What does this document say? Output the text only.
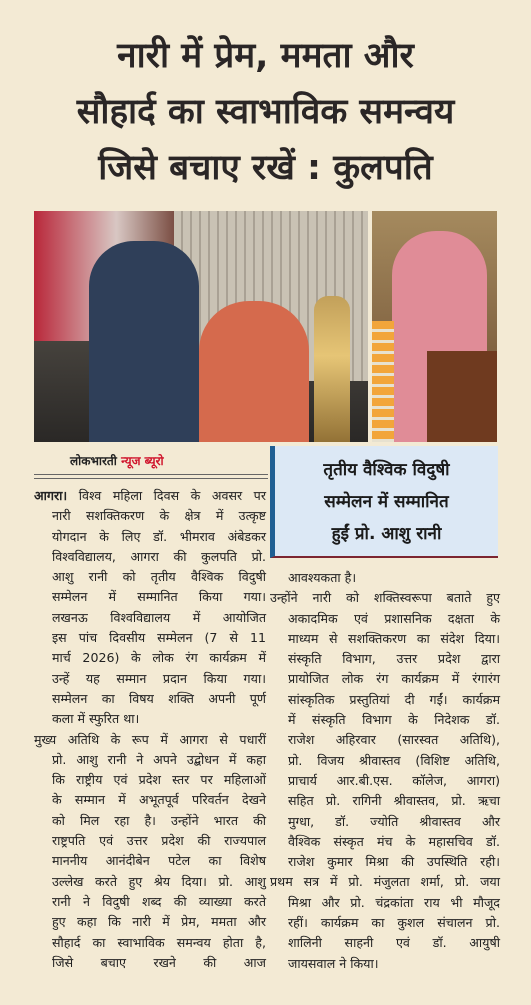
नारी में प्रेम, ममता और
सौहार्द का स्वाभाविक समन्वय
जिसे बचाए रखें : कुलपति
लोकभारती न्यूज ब्यूरो	तृतीय वैश्विक विदुषी
सम्मेलन में सम्मानित
हुईं प्रो. आशु रानी

आगरा। विश्व महिला दिवस के अवसर पर

नारी सशक्तिकरण के क्षेत्र में उत्कृष्ट

योगदान के लिए डॉ. भीमराव अंबेडकर

विश्वविद्यालय, आगरा की कुलपति प्रो.

आशु रानी को तृतीय वैश्विक विदुषी

सम्मेलन में सम्मानित किया गया।

लखनऊ विश्वविद्यालय में आयोजित

इस पांच दिवसीय सम्मेलन (7 से 11

मार्च 2026) के लोक रंग कार्यक्रम में

उन्हें यह सम्मान प्रदान किया गया।

सम्मेलन का विषय शक्ति अपनी पूर्ण

कला में स्फुरित था।

मुख्य अतिथि के रूप में आगरा से पधारीं

प्रो. आशु रानी ने अपने उद्बोधन में कहा

कि राष्ट्रीय एवं प्रदेश स्तर पर महिलाओं

के सम्मान में अभूतपूर्व परिवर्तन देखने

को मिल रहा है। उन्होंने भारत की

राष्ट्रपति एवं उत्तर प्रदेश की राज्यपाल

माननीय आनंदीबेन पटेल का विशेष

उल्लेख करते हुए श्रेय दिया। प्रो. आशु

रानी ने विदुषी शब्द की व्याख्या करते

हुए कहा कि नारी में प्रेम, ममता और

सौहार्द का स्वाभाविक समन्वय होता है,

जिसे बचाए रखने की आज

आवश्यकता है।

उन्होंने नारी को शक्तिस्वरूपा बताते हुए

अकादमिक एवं प्रशासनिक दक्षता के

माध्यम से सशक्तिकरण का संदेश दिया।

संस्कृति विभाग, उत्तर प्रदेश द्वारा

प्रायोजित लोक रंग कार्यक्रम में रंगारंग

सांस्कृतिक प्रस्तुतियां दी गईं। कार्यक्रम

में संस्कृति विभाग के निदेशक डॉ.

राजेश अहिरवार (सारस्वत अतिथि),

प्रो. विजय श्रीवास्तव (विशिष्ट अतिथि,

प्राचार्य आर.बी.एस. कॉलेज, आगरा)

सहित प्रो. रागिनी श्रीवास्तव, प्रो. ऋचा

मुग्धा, डॉ. ज्योति श्रीवास्तव और

वैश्विक संस्कृत मंच के महासचिव डॉ.

राजेश कुमार मिश्रा की उपस्थिति रही।

प्रथम सत्र में प्रो. मंजुलता शर्मा, प्रो. जया

मिश्रा और प्रो. चंद्रकांता राय भी मौजूद

रहीं। कार्यक्रम का कुशल संचालन प्रो.

शालिनी साहनी एवं डॉ. आयुषी

जायसवाल ने किया।
